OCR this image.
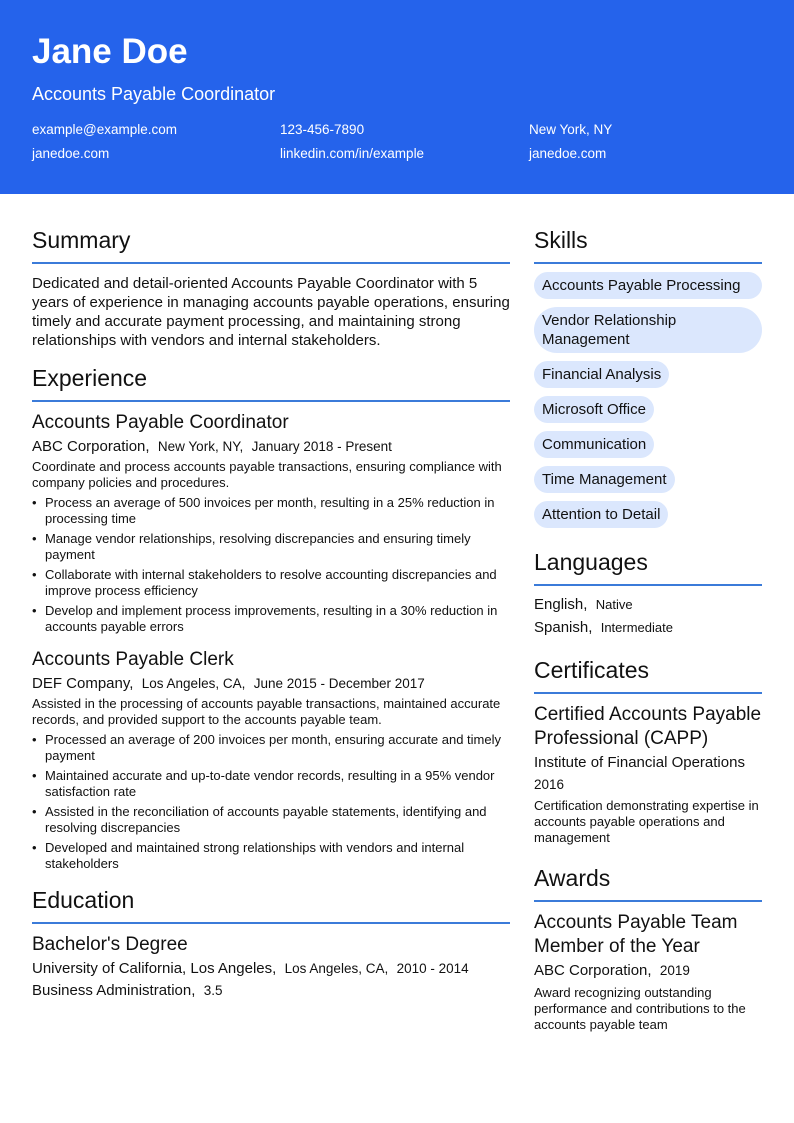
Jane Doe
Accounts Payable Coordinator
example@example.com	123-456-7890	New York, NY
janedoe.com	linkedin.com/in/example	janedoe.com
Summary
Dedicated and detail-oriented Accounts Payable Coordinator with 5 years of experience in managing accounts payable operations, ensuring timely and accurate payment processing, and maintaining strong relationships with vendors and internal stakeholders.
Experience
Accounts Payable Coordinator
ABC Corporation, New York, NY, January 2018 - Present
Coordinate and process accounts payable transactions, ensuring compliance with company policies and procedures.
• Process an average of 500 invoices per month, resulting in a 25% reduction in processing time
• Manage vendor relationships, resolving discrepancies and ensuring timely payment
• Collaborate with internal stakeholders to resolve accounting discrepancies and improve process efficiency
• Develop and implement process improvements, resulting in a 30% reduction in accounts payable errors
Accounts Payable Clerk
DEF Company, Los Angeles, CA, June 2015 - December 2017
Assisted in the processing of accounts payable transactions, maintained accurate records, and provided support to the accounts payable team.
• Processed an average of 200 invoices per month, ensuring accurate and timely payment
• Maintained accurate and up-to-date vendor records, resulting in a 95% vendor satisfaction rate
• Assisted in the reconciliation of accounts payable statements, identifying and resolving discrepancies
• Developed and maintained strong relationships with vendors and internal stakeholders
Education
Bachelor's Degree
University of California, Los Angeles, Los Angeles, CA, 2010 - 2014
Business Administration, 3.5
Skills
Accounts Payable Processing
Vendor Relationship Management
Financial Analysis
Microsoft Office
Communication
Time Management
Attention to Detail
Languages
English, Native
Spanish, Intermediate
Certificates
Certified Accounts Payable Professional (CAPP)
Institute of Financial Operations
2016
Certification demonstrating expertise in accounts payable operations and management
Awards
Accounts Payable Team Member of the Year
ABC Corporation, 2019
Award recognizing outstanding performance and contributions to the accounts payable team
